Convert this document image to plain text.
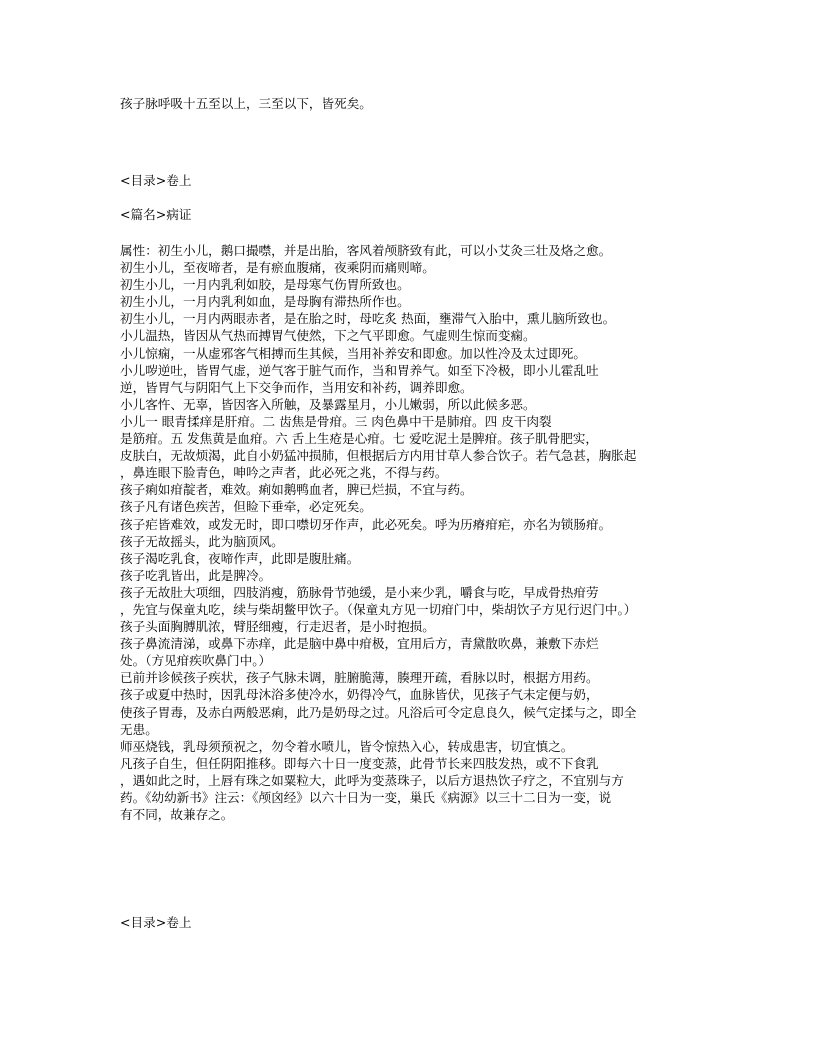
孩子脉呼吸十五至以上，三至以下，皆死矣。
<目录>卷上
<篇名>病证
属性：初生小儿，鹅口撮噤，并是出胎，客风着颅脐致有此，可以小艾灸三壮及烙之愈。
初生小儿，至夜啼者，是有瘀血腹痛，夜乘阴而痛则啼。
初生小儿，一月内乳利如胶，是母寒气伤胃所致也。
初生小儿，一月内乳利如血，是母胸有滞热所作也。
初生小儿，一月内两眼赤者，是在胎之时，母吃炙 热面，壅滞气入胎中，熏儿脑所致也。
小儿温热，皆因从气热而搏胃气使然，下之气平即愈。气虚则生惊而变痫。
小儿惊痫，一从虚邪客气相搏而生其候，当用补养安和即愈。加以性冷及太过即死。
小儿哕逆吐，皆胃气虚，逆气客于脏气而作，当和胃养气。如至下冷极，即小儿霍乱吐
逆，皆胃气与阴阳气上下交争而作，当用安和补药，调养即愈。
小儿客忤、无辜，皆因客入所触，及暴露星月，小儿嫩弱，所以此候多恶。
小儿一 眼青揉痒是肝疳。二 齿焦是骨疳。三 肉色鼻中干是肺疳。四 皮干肉裂
是筋疳。五 发焦黄是血疳。六 舌上生疮是心疳。七 爱吃泥土是脾疳。孩子肌骨肥实，
皮肤白，无故烦渴，此自小奶猛冲损肺，但根据后方内用甘草人参合饮子。若气急甚，胸胀起
，鼻连眼下脸青色，呻吟之声者，此必死之兆，不得与药。
孩子痢如疳靛者，难效。痢如鹅鸭血者，脾已烂损，不宜与药。
孩子凡有诸色疾苦，但睑下垂牵，必定死矣。
孩子疟皆难效，或发无时，即口噤切牙作声，此必死矣。呼为历瘠疳疟，亦名为锁肠疳。
孩子无故摇头，此为脑顶风。
孩子渴吃乳食，夜啼作声，此即是腹肚痛。
孩子吃乳皆出，此是脾冷。
孩子无故肚大项细，四肢消瘦，筋脉骨节弛缓，是小来少乳，嚼食与吃，早成骨热疳劳
，先宜与保童丸吃，续与柴胡鳖甲饮子。（保童丸方见一切疳门中，柴胡饮子方见行迟门中。）
孩子头面胸膊肌浓，臂胫细瘦，行走迟者，是小时抱损。
孩子鼻流清涕，或鼻下赤痒，此是脑中鼻中疳极，宜用后方，青黛散吹鼻，兼敷下赤烂
处。（方见疳疾吹鼻门中。）
已前并诊候孩子疾状，孩子气脉未调，脏腑脆薄，腠理开疏，看脉以时，根据方用药。
孩子或夏中热时，因乳母沐浴多使冷水，奶得冷气，血脉皆伏，见孩子气未定便与奶，
使孩子胃毒，及赤白两般恶痢，此乃是奶母之过。凡浴后可令定息良久，候气定揉与之，即全
无患。
师巫烧钱，乳母须预祝之，勿令着水喷儿，皆令惊热入心，转成患害，切宜慎之。
凡孩子自生，但任阴阳推移。即每六十日一度变蒸，此骨节长来四肢发热，或不下食乳
，遇如此之时，上唇有珠之如粟粒大，此呼为变蒸珠子，以后方退热饮子疗之，不宜别与方
药。《幼幼新书》注云：《颅囟经》以六十日为一变，巢氏《病源》以三十二日为一变，说
有不同，故兼存之。
<目录>卷上
